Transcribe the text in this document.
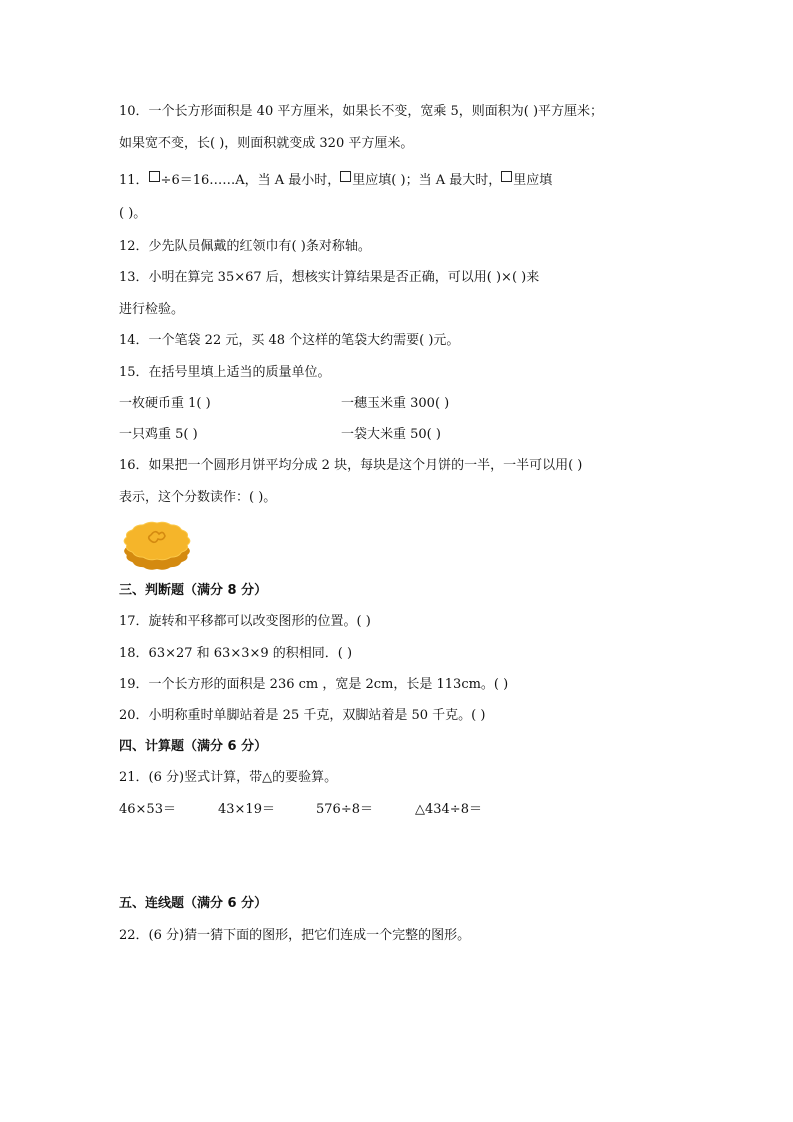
10．一个长方形面积是 40 平方厘米，如果长不变，宽乘 5，则面积为( )平方厘米；
如果宽不变，长( )，则面积就变成 320 平方厘米。
11． ÷6＝16……A，当 A 最小时， 里应填( )；当 A 最大时， 里应填
( )。
12．少先队员佩戴的红领巾有( )条对称轴。
13．小明在算完 35×67 后，想核实计算结果是否正确，可以用( )×( )来
进行检验。
14．一个笔袋 22 元，买 48 个这样的笔袋大约需要( )元。
15．在括号里填上适当的质量单位。
一枚硬币重 1( )	一穗玉米重 300( )
一只鸡重 5( )	一袋大米重 50( )
16．如果把一个圆形月饼平均分成 2 块，每块是这个月饼的一半，一半可以用( )
表示，这个分数读作：( )。
三、判断题（满分 8 分）
17．旋转和平移都可以改变图形的位置。( )
18．63×27 和 63×3×9 的积相同．( )
19．一个长方形的面积是 236 cm ，宽是 2cm，长是 113cm。( )
20．小明称重时单脚站着是 25 千克，双脚站着是 50 千克。( )
四、计算题（满分 6 分）
21．(6 分)竖式计算，带△的要验算。
46×53＝	43×19＝	576÷8＝	△434÷8＝
五、连线题（满分 6 分）
22．(6 分)猜一猜下面的图形，把它们连成一个完整的图形。
